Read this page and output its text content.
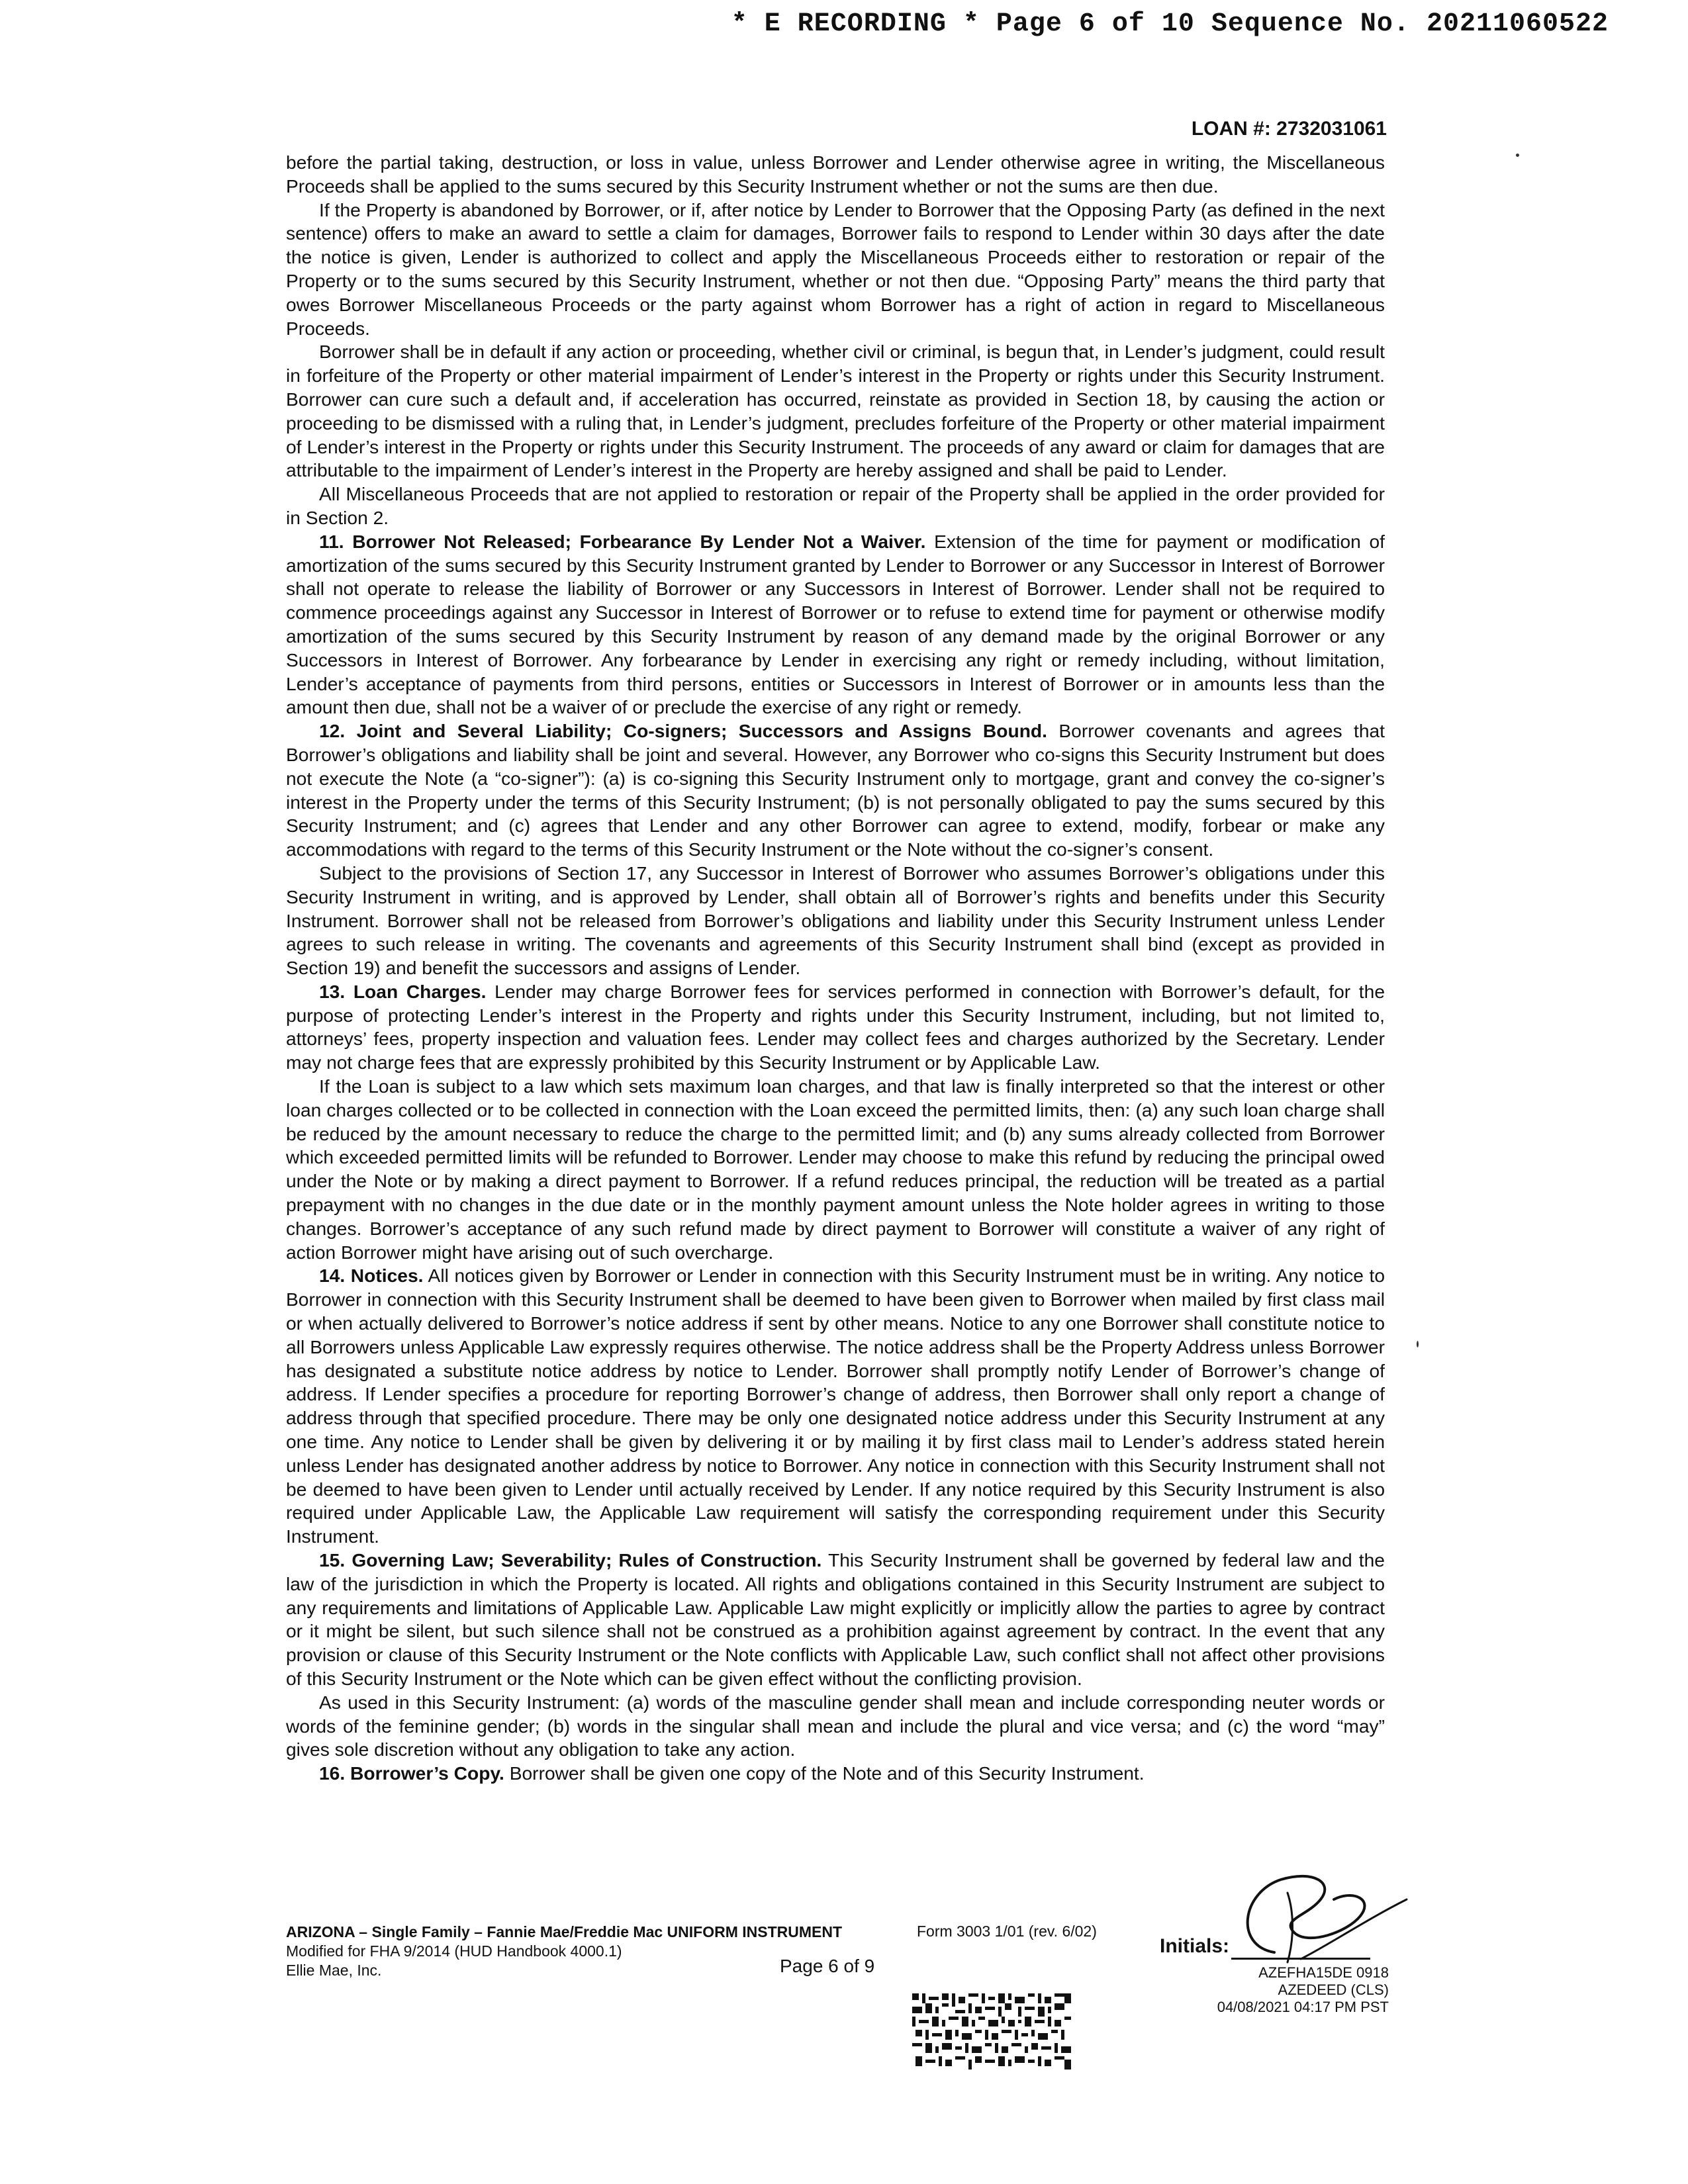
* E RECORDING * Page 6 of 10 Sequence No. 20211060522
LOAN #: 2732031061

before the partial taking, destruction, or loss in value, unless Borrower and Lender otherwise agree in writing, the Miscellaneous Proceeds shall be applied to the sums secured by this Security Instrument whether or not the sums are then due.

If the Property is abandoned by Borrower, or if, after notice by Lender to Borrower that the Opposing Party (as defined in the next sentence) offers to make an award to settle a claim for damages, Borrower fails to respond to Lender within 30 days after the date the notice is given, Lender is authorized to collect and apply the Miscellaneous Proceeds either to restoration or repair of the Property or to the sums secured by this Security Instrument, whether or not then due. “Opposing Party” means the third party that owes Borrower Miscellaneous Proceeds or the party against whom Borrower has a right of action in regard to Miscellaneous Proceeds.

Borrower shall be in default if any action or proceeding, whether civil or criminal, is begun that, in Lender’s judgment, could result in forfeiture of the Property or other material impairment of Lender’s interest in the Property or rights under this Security Instrument. Borrower can cure such a default and, if acceleration has occurred, reinstate as provided in Section 18, by causing the action or proceeding to be dismissed with a ruling that, in Lender’s judgment, precludes forfeiture of the Property or other material impairment of Lender’s interest in the Property or rights under this Security Instrument. The proceeds of any award or claim for damages that are attributable to the impairment of Lender’s interest in the Property are hereby assigned and shall be paid to Lender.

All Miscellaneous Proceeds that are not applied to restoration or repair of the Property shall be applied in the order provided for in Section 2.

11. Borrower Not Released; Forbearance By Lender Not a Waiver. Extension of the time for payment or modification of amortization of the sums secured by this Security Instrument granted by Lender to Borrower or any Successor in Interest of Borrower shall not operate to release the liability of Borrower or any Successors in Interest of Borrower. Lender shall not be required to commence proceedings against any Successor in Interest of Borrower or to refuse to extend time for payment or otherwise modify amortization of the sums secured by this Security Instrument by reason of any demand made by the original Borrower or any Successors in Interest of Borrower. Any forbearance by Lender in exercising any right or remedy including, without limitation, Lender’s acceptance of payments from third persons, entities or Successors in Interest of Borrower or in amounts less than the amount then due, shall not be a waiver of or preclude the exercise of any right or remedy.

12. Joint and Several Liability; Co-signers; Successors and Assigns Bound. Borrower covenants and agrees that Borrower’s obligations and liability shall be joint and several. However, any Borrower who co-signs this Security Instrument but does not execute the Note (a “co-signer”): (a) is co-signing this Security Instrument only to mortgage, grant and convey the co-signer’s interest in the Property under the terms of this Security Instrument; (b) is not personally obligated to pay the sums secured by this Security Instrument; and (c) agrees that Lender and any other Borrower can agree to extend, modify, forbear or make any accommodations with regard to the terms of this Security Instrument or the Note without the co-signer’s consent.

Subject to the provisions of Section 17, any Successor in Interest of Borrower who assumes Borrower’s obligations under this Security Instrument in writing, and is approved by Lender, shall obtain all of Borrower’s rights and benefits under this Security Instrument. Borrower shall not be released from Borrower’s obligations and liability under this Security Instrument unless Lender agrees to such release in writing. The covenants and agreements of this Security Instrument shall bind (except as provided in Section 19) and benefit the successors and assigns of Lender.

13. Loan Charges. Lender may charge Borrower fees for services performed in connection with Borrower’s default, for the purpose of protecting Lender’s interest in the Property and rights under this Security Instrument, including, but not limited to, attorneys’ fees, property inspection and valuation fees. Lender may collect fees and charges authorized by the Secretary. Lender may not charge fees that are expressly prohibited by this Security Instrument or by Applicable Law.

If the Loan is subject to a law which sets maximum loan charges, and that law is finally interpreted so that the interest or other loan charges collected or to be collected in connection with the Loan exceed the permitted limits, then: (a) any such loan charge shall be reduced by the amount necessary to reduce the charge to the permitted limit; and (b) any sums already collected from Borrower which exceeded permitted limits will be refunded to Borrower. Lender may choose to make this refund by reducing the principal owed under the Note or by making a direct payment to Borrower. If a refund reduces principal, the reduction will be treated as a partial prepayment with no changes in the due date or in the monthly payment amount unless the Note holder agrees in writing to those changes. Borrower’s acceptance of any such refund made by direct payment to Borrower will constitute a waiver of any right of action Borrower might have arising out of such overcharge.

14. Notices. All notices given by Borrower or Lender in connection with this Security Instrument must be in writing. Any notice to Borrower in connection with this Security Instrument shall be deemed to have been given to Borrower when mailed by first class mail or when actually delivered to Borrower’s notice address if sent by other means. Notice to any one Borrower shall constitute notice to all Borrowers unless Applicable Law expressly requires otherwise. The notice address shall be the Property Address unless Borrower has designated a substitute notice address by notice to Lender. Borrower shall promptly notify Lender of Borrower’s change of address. If Lender specifies a procedure for reporting Borrower’s change of address, then Borrower shall only report a change of address through that specified procedure. There may be only one designated notice address under this Security Instrument at any one time. Any notice to Lender shall be given by delivering it or by mailing it by first class mail to Lender’s address stated herein unless Lender has designated another address by notice to Borrower. Any notice in connection with this Security Instrument shall not be deemed to have been given to Lender until actually received by Lender. If any notice required by this Security Instrument is also required under Applicable Law, the Applicable Law requirement will satisfy the corresponding requirement under this Security Instrument.

15. Governing Law; Severability; Rules of Construction. This Security Instrument shall be governed by federal law and the law of the jurisdiction in which the Property is located. All rights and obligations contained in this Security Instrument are subject to any requirements and limitations of Applicable Law. Applicable Law might explicitly or implicitly allow the parties to agree by contract or it might be silent, but such silence shall not be construed as a prohibition against agreement by contract. In the event that any provision or clause of this Security Instrument or the Note conflicts with Applicable Law, such conflict shall not affect other provisions of this Security Instrument or the Note which can be given effect without the conflicting provision.

As used in this Security Instrument: (a) words of the masculine gender shall mean and include corresponding neuter words or words of the feminine gender; (b) words in the singular shall mean and include the plural and vice versa; and (c) the word “may” gives sole discretion without any obligation to take any action.

16. Borrower’s Copy. Borrower shall be given one copy of the Note and of this Security Instrument.

ARIZONA – Single Family – Fannie Mae/Freddie Mac UNIFORM INSTRUMENT
Modified for FHA 9/2014 (HUD Handbook 4000.1)
Ellie Mae, Inc.
Form 3003 1/01 (rev. 6/02)
Page 6 of 9
Initials:
AZEFHA15DE 0918
AZEDEED (CLS)
04/08/2021 04:17 PM PST
